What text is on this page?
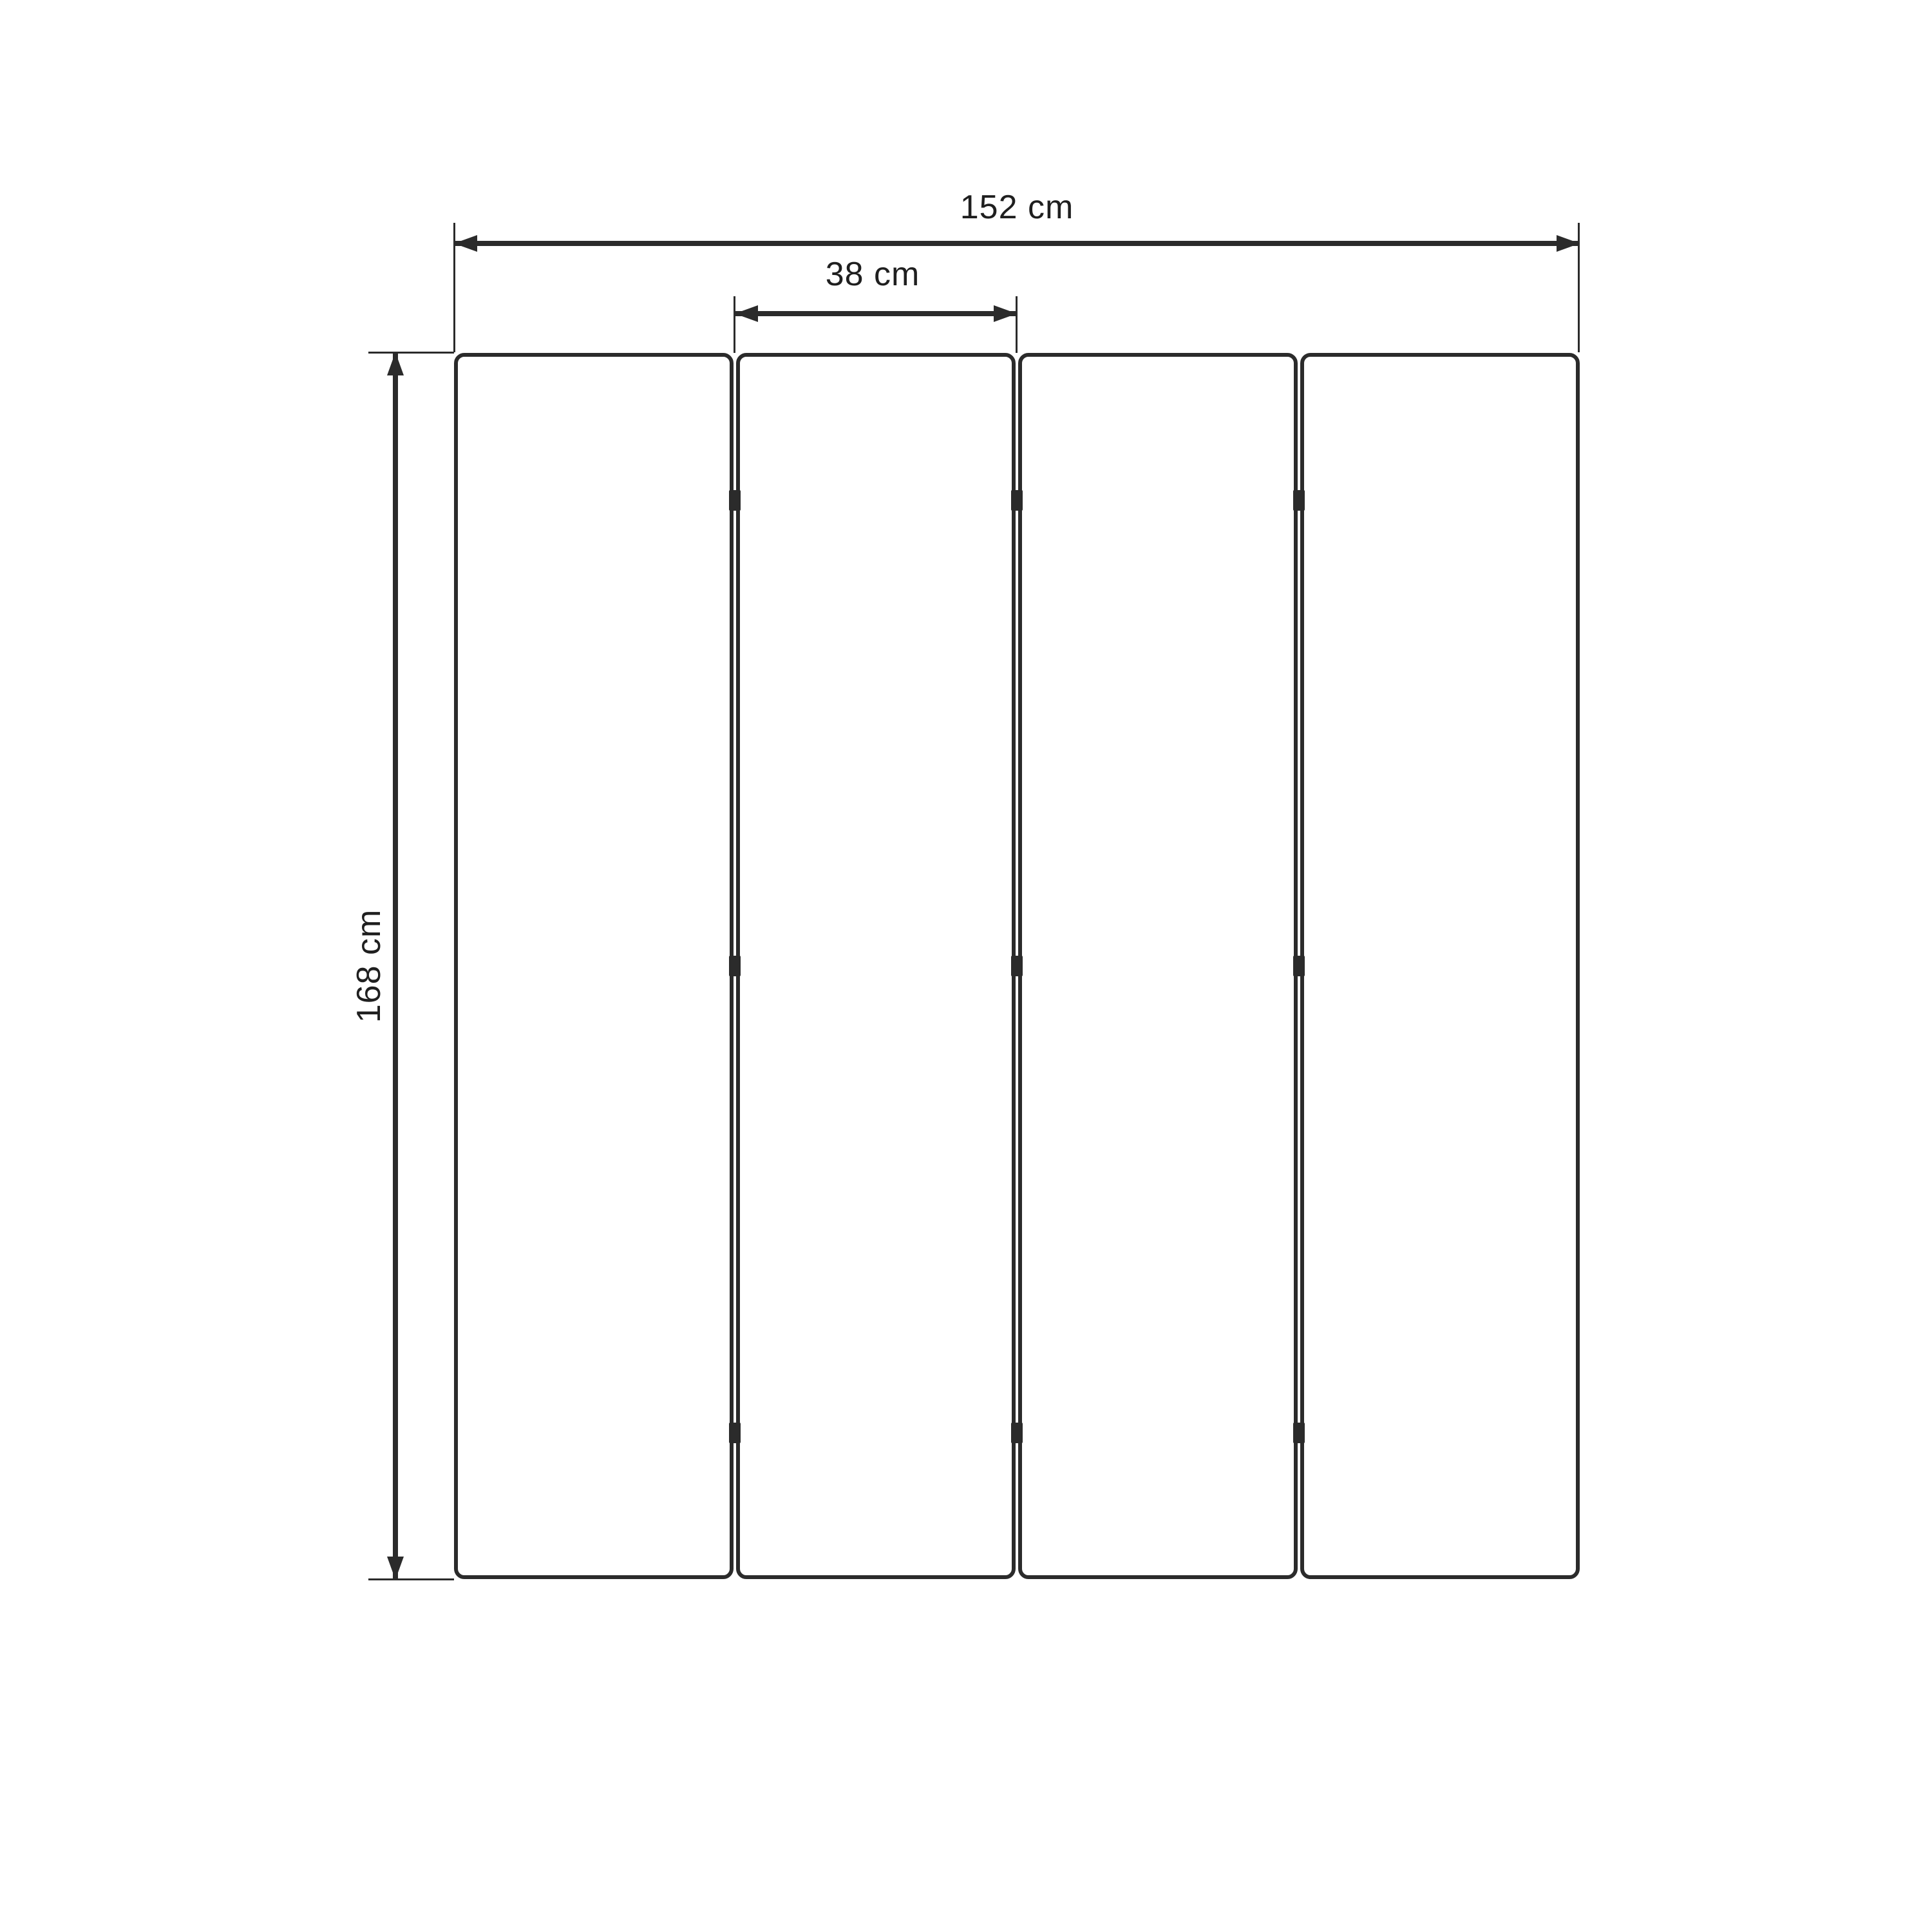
152 cm
38 cm
168 cm
